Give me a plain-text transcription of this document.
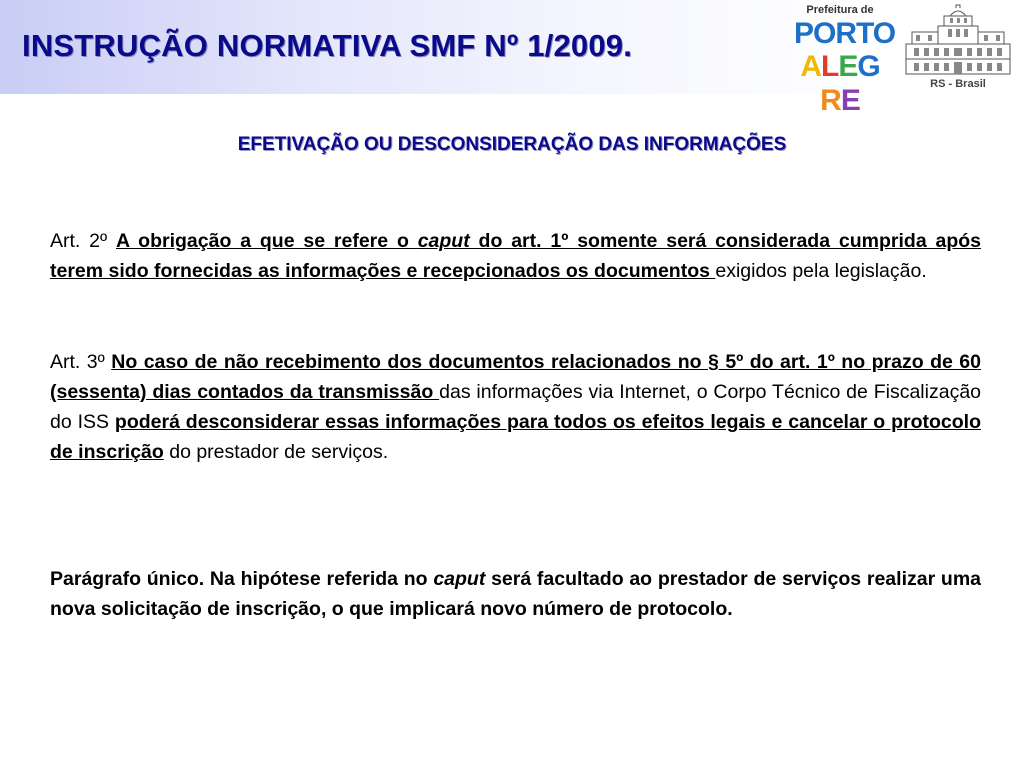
INSTRUÇÃO NORMATIVA SMF Nº 1/2009.
Prefeitura de
PORTO
ALEGRE	RS - Brasil
EFETIVAÇÃO OU DESCONSIDERAÇÃO DAS INFORMAÇÕES
Art. 2º A obrigação a que se refere o caput do art. 1º somente será considerada cumprida após terem sido fornecidas as informações e recepcionados os documentos exigidos pela legislação.
Art. 3º No caso de não recebimento dos documentos relacionados no § 5º do art. 1º no prazo de 60 (sessenta) dias contados da transmissão das informações via Internet, o Corpo Técnico de Fiscalização do ISS poderá desconsiderar essas informações para todos os efeitos legais e cancelar o protocolo de inscrição do prestador de serviços.
Parágrafo único. Na hipótese referida no caput será facultado ao prestador de serviços realizar uma nova solicitação de inscrição, o que implicará novo número de protocolo.
